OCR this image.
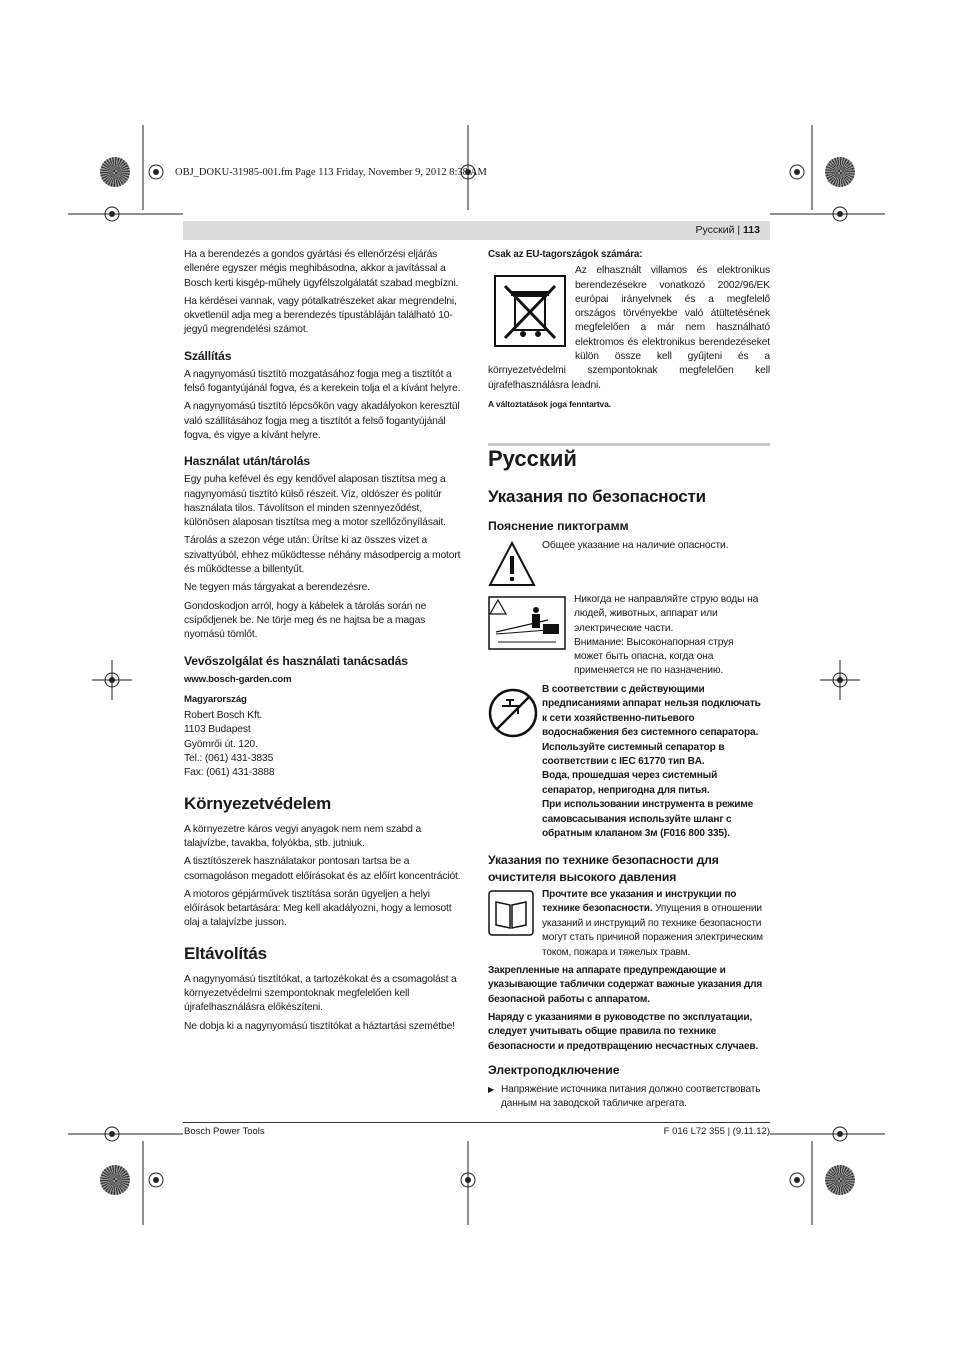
OBJ_DOKU-31985-001.fm Page 113 Friday, November 9, 2012 8:38 AM
Русский | 113

Ha a berendezés a gondos gyártási és ellenőrzési eljárás ellenére egyszer mégis meghibásodna, akkor a javítással a Bosch kerti kisgép-műhely ügyfélszolgálatát szabad megbízni.

Ha kérdései vannak, vagy pótalkatrészeket akar megrendelni, okvetlenül adja meg a berendezés típustábláján található 10-jegyű megrendelési számot.

Szállítás

A nagynyomású tisztító mozgatásához fogja meg a tisztítót a felső fogantyújánál fogva, és a kerekein tolja el a kívánt helyre.

A nagynyomású tisztító lépcsőkön vagy akadályokon keresztül való szállításához fogja meg a tisztítót a felső fogantyújánál fogva, és vigye a kívánt helyre.

Használat után/tárolás

Egy puha kefével és egy kendővel alaposan tisztítsa meg a nagynyomású tisztító külső részeit. Víz, oldószer és politúr használata tilos. Távolítson el minden szennyeződést, különösen alaposan tisztítsa meg a motor szellőzőnyílásait.

Tárolás a szezon vége után: Ürítse ki az összes vizet a szivattyúból, ehhez működtesse néhány másodpercig a motort és működtesse a billentyűt.

Ne tegyen más tárgyakat a berendezésre.

Gondoskodjon arról, hogy a kábelek a tárolás során ne csípődjenek be. Ne törje meg és ne hajtsa be a magas nyomású tömlőt.

Vevőszolgálat és használati tanácsadás

www.bosch-garden.com

Magyarország

Robert Bosch Kft.
1103 Budapest
Gyömrői út. 120.
Tel.: (061) 431-3835
Fax: (061) 431-3888

Környezetvédelem

A környezetre káros vegyi anyagok nem nem szabd a talajvízbe, tavakba, folyókba, stb. jutniuk.

A tisztítószerek használatakor pontosan tartsa be a csomagoláson megadott előírásokat és az előírt koncentrációt.

A motoros gépjárművek tisztítása során ügyeljen a helyi előírások betartására: Meg kell akadályozni, hogy a lemosott olaj a talajvízbe jusson.

Eltávolítás

A nagynyomású tisztítókat, a tartozékokat és a csomagolást a környezetvédelmi szempontoknak megfelelően kell újrafelhasználásra előkészíteni.

Ne dobja ki a nagynyomású tisztítókat a háztartási szemétbe!

Csak az EU-tagországok számára:

Az elhasznált villamos és elektronikus berendezésekre vonatkozó 2002/96/EK európai irányelvnek és a megfelelő országos törvényekbe való átültetésének megfelelően a már nem használható elektromos és elektronikus berendezéseket külön össze kell gyűjteni és a környezetvédelmi szempontoknak megfelelően kell újrafelhasználásra leadni.

A változtatások joga fenntartva.

Русский
Указания по безопасности
Пояснение пиктограмм
Общее указание на наличие опасности.
Никогда не направляйте струю воды на
людей, животных, аппарат или
электрические части.
Внимание: Высоконапорная струя
может быть опасна, когда она
применяется не по назначению.
В соответствии с действующими
предписаниями аппарат нельзя подключать
к сети хозяйственно-питьевого
водоснабжения без системного сепаратора.
Используйте системный сепаратор в
соответствии с IEC 61770 тип BA.
Вода, прошедшая через системный
сепаратор, непригодна для питья.
При использовании инструмента в режиме
самовсасывания используйте шланг с
обратным клапаном 3м (F016 800 335).
Указания по технике безопасности для
очистителя высокого давления
Прочтите все указания и инструкции по технике безопасности. Упущения в отношении указаний и инструкций по технике безопасности могут стать причиной поражения электрическим током, пожара и тяжелых травм.
Закрепленные на аппарате предупреждающие и указывающие таблички содержат важные указания для безопасной работы с аппаратом.
Наряду с указаниями в руководстве по эксплуатации, следует учитывать общие правила по технике безопасности и предотвращению несчастных случаев.
Электроподключение
▶ Напряжение источника питания должно соответствовать данным на заводской табличке агрегата.
Bosch Power Tools	F 016 L72 355 | (9.11.12)
